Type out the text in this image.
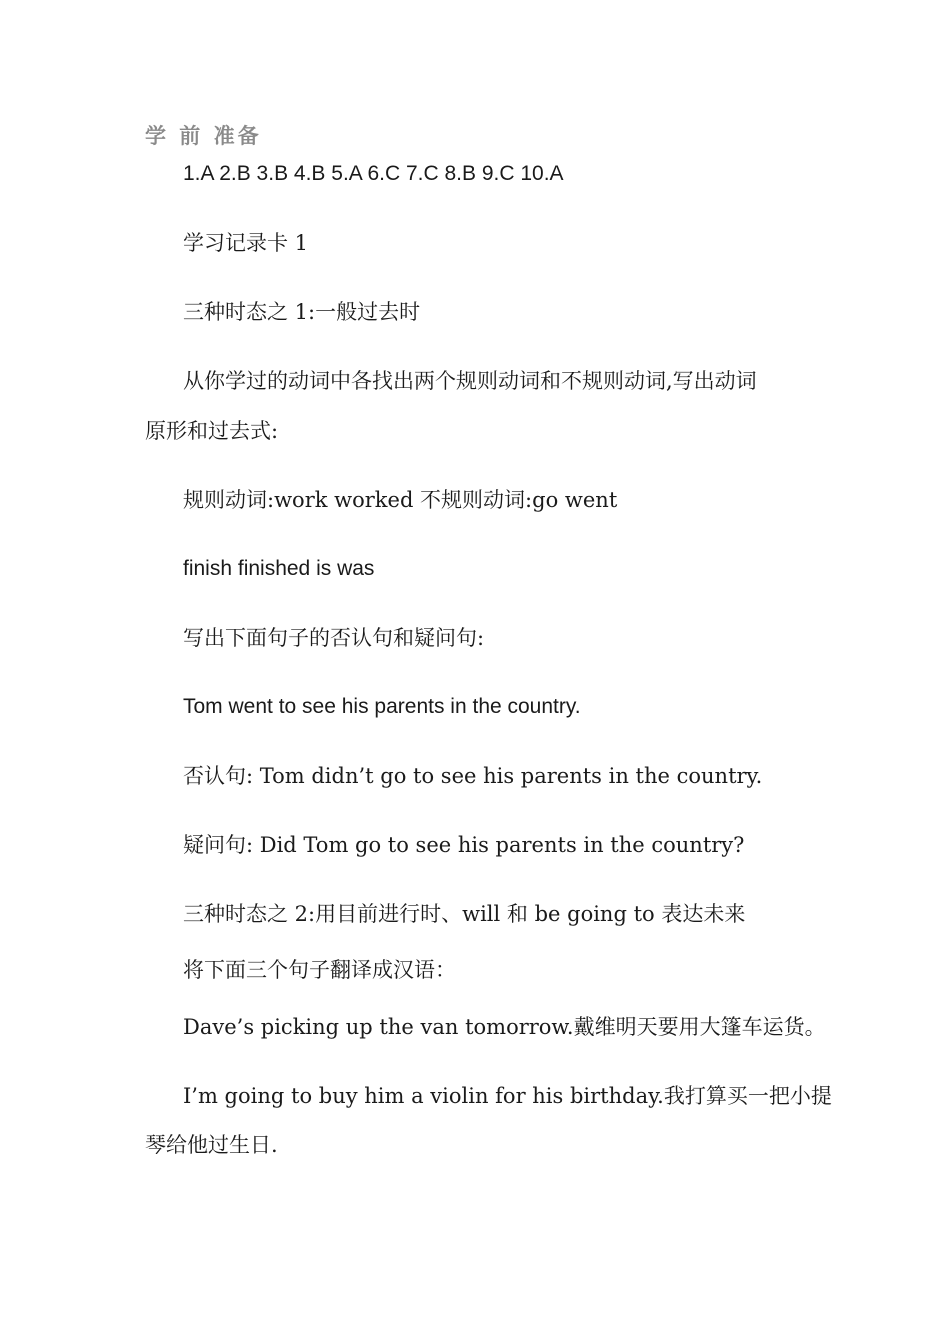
学 前 准备

1.A 2.B 3.B 4.B 5.A 6.C 7.C 8.B 9.C 10.A

学习记录卡 1

三种时态之 1:一般过去时

从你学过的动词中各找出两个规则动词和不规则动词,写出动词

原形和过去式:

规则动词:work worked 不规则动词:go went

finish finished is was

写出下面句子的否认句和疑问句:

Tom went to see his parents in the country.

否认句: Tom didn’t go to see his parents in the country.

疑问句: Did Tom go to see his parents in the country?

三种时态之 2:用目前进行时、will 和 be going to 表达未来

将下面三个句子翻译成汉语：

Dave’s picking up the van tomorrow.戴维明天要用大篷车运货。

I’m going to buy him a violin for his birthday.我打算买一把小提

琴给他过生日.
